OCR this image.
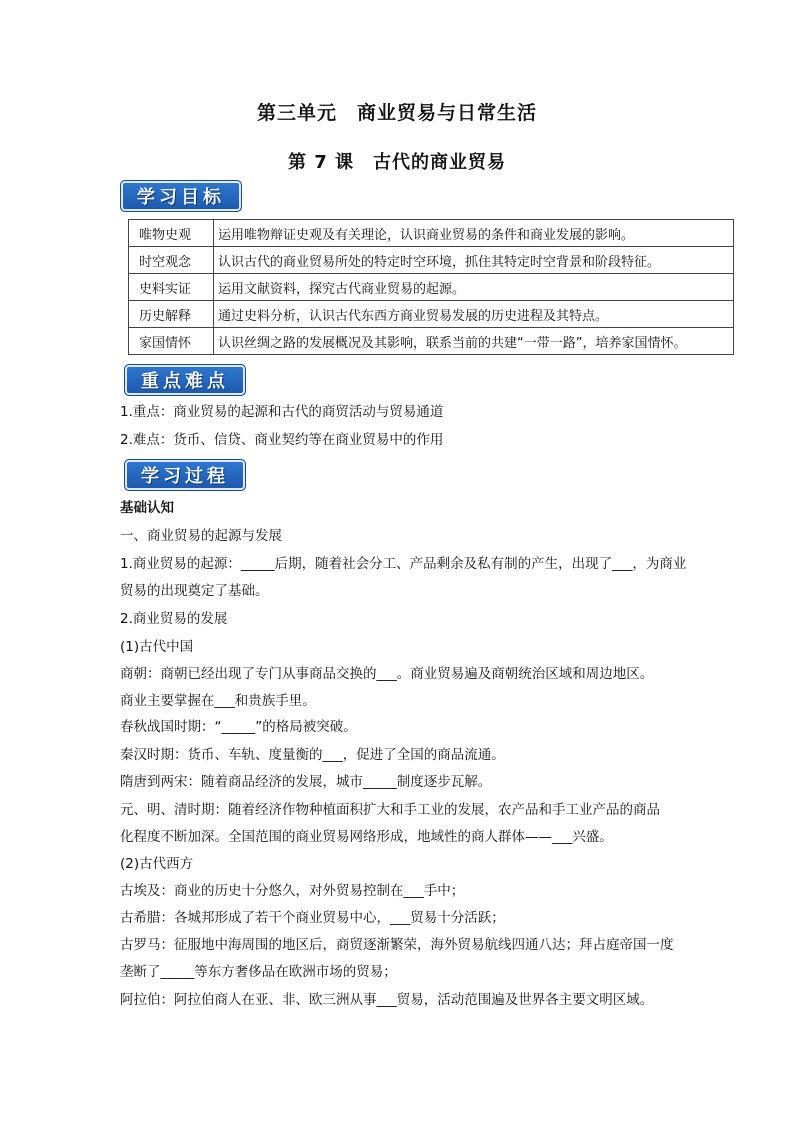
第三单元　商业贸易与日常生活
第 7 课　古代的商业贸易
学习目标
唯物史观	运用唯物辩证史观及有关理论，认识商业贸易的条件和商业发展的影响。
时空观念	认识古代的商业贸易所处的特定时空环境，抓住其特定时空背景和阶段特征。
史料实证	运用文献资料，探究古代商业贸易的起源。
历史解释	通过史料分析，认识古代东西方商业贸易发展的历史进程及其特点。
家国情怀	认识丝绸之路的发展概况及其影响，联系当前的共建“一带一路”，培养家国情怀。
重点难点
1.重点：商业贸易的起源和古代的商贸活动与贸易通道
2.难点：货币、信贷、商业契约等在商业贸易中的作用
学习过程
基础认知
一、商业贸易的起源与发展
1.商业贸易的起源：_____后期，随着社会分工、产品剩余及私有制的产生，出现了___，为商业
贸易的出现奠定了基础。
2.商业贸易的发展
(1)古代中国
商朝：商朝已经出现了专门从事商品交换的___。商业贸易遍及商朝统治区域和周边地区。
商业主要掌握在___和贵族手里。
春秋战国时期：“_____”的格局被突破。
秦汉时期：货币、车轨、度量衡的___，促进了全国的商品流通。
隋唐到两宋：随着商品经济的发展，城市_____制度逐步瓦解。
元、明、清时期：随着经济作物种植面积扩大和手工业的发展，农产品和手工业产品的商品
化程度不断加深。全国范围的商业贸易网络形成，地域性的商人群体——___兴盛。
(2)古代西方
古埃及：商业的历史十分悠久，对外贸易控制在___手中；
古希腊：各城邦形成了若干个商业贸易中心，___贸易十分活跃；
古罗马：征服地中海周围的地区后，商贸逐渐繁荣，海外贸易航线四通八达；拜占庭帝国一度
垄断了_____等东方奢侈品在欧洲市场的贸易；
阿拉伯：阿拉伯商人在亚、非、欧三洲从事___贸易，活动范围遍及世界各主要文明区域。
